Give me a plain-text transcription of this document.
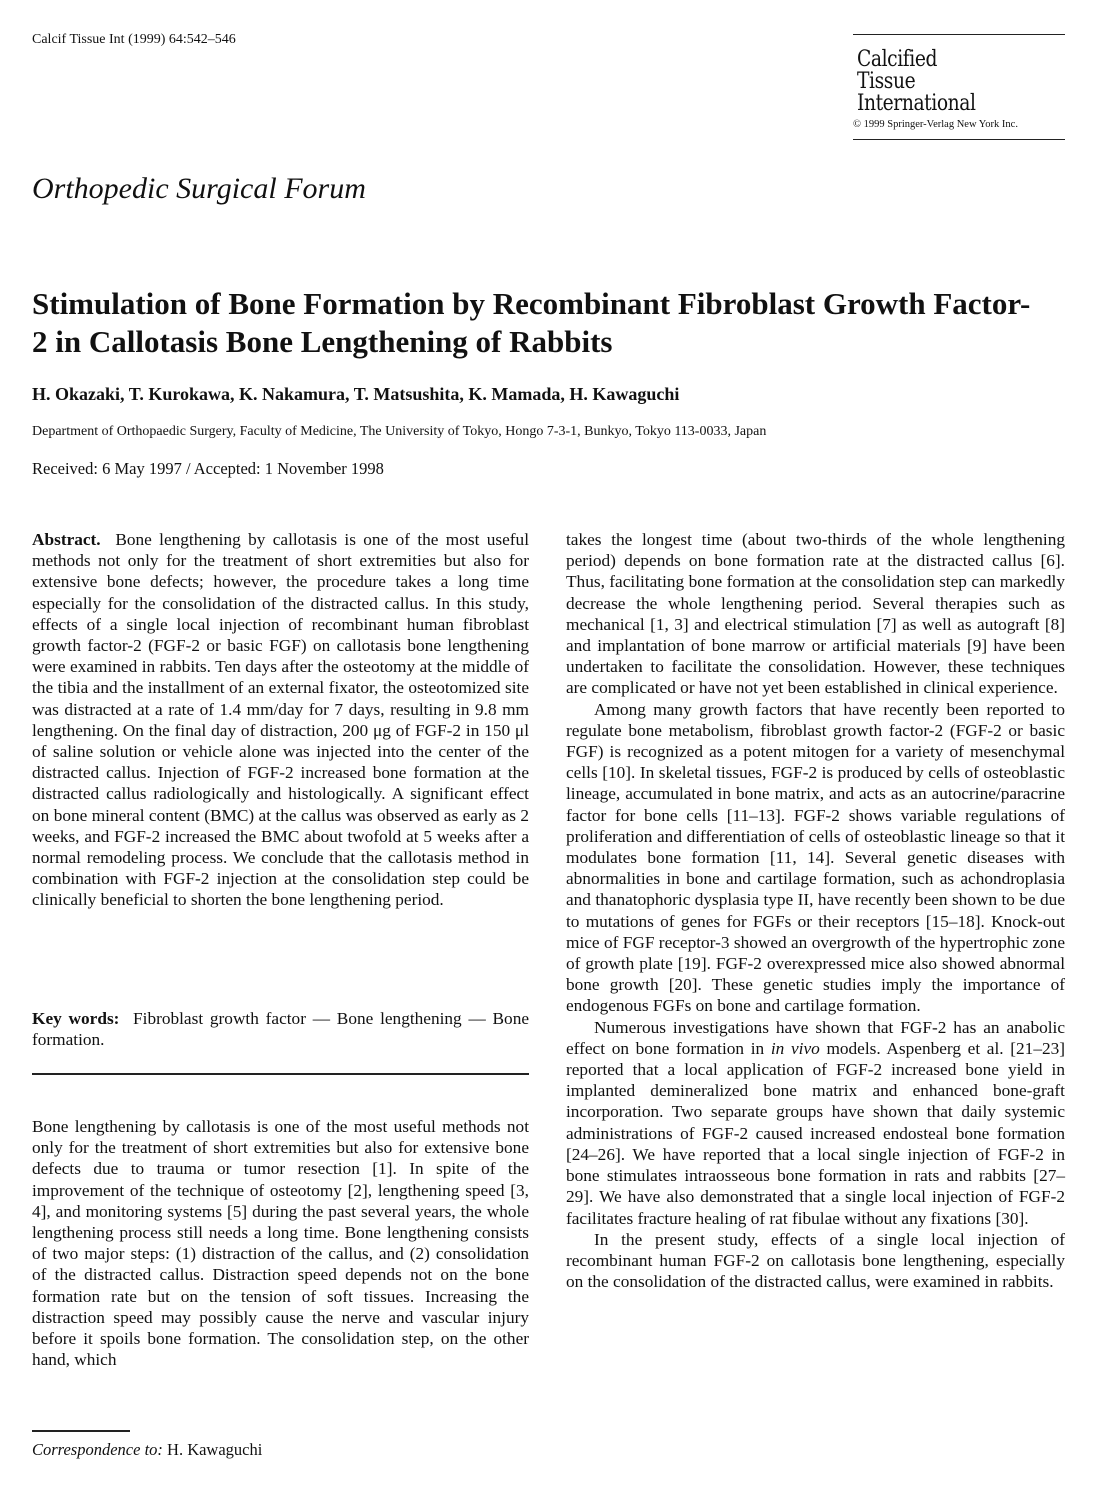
Calcif Tissue Int (1999) 64:542–546
Calcified
Tissue
International
© 1999 Springer-Verlag New York Inc.
Orthopedic Surgical Forum
Stimulation of Bone Formation by Recombinant Fibroblast Growth Factor-2 in Callotasis Bone Lengthening of Rabbits
H. Okazaki, T. Kurokawa, K. Nakamura, T. Matsushita, K. Mamada, H. Kawaguchi
Department of Orthopaedic Surgery, Faculty of Medicine, The University of Tokyo, Hongo 7-3-1, Bunkyo, Tokyo 113-0033, Japan
Received: 6 May 1997 / Accepted: 1 November 1998

Abstract. Bone lengthening by callotasis is one of the most useful methods not only for the treatment of short extremities but also for extensive bone defects; however, the procedure takes a long time especially for the consolidation of the distracted callus. In this study, effects of a single local injection of recombinant human fibroblast growth factor-2 (FGF-2 or basic FGF) on callotasis bone lengthening were examined in rabbits. Ten days after the osteotomy at the middle of the tibia and the installment of an external fixator, the osteotomized site was distracted at a rate of 1.4 mm/day for 7 days, resulting in 9.8 mm lengthening. On the final day of distraction, 200 μg of FGF-2 in 150 μl of saline solution or vehicle alone was injected into the center of the distracted callus. Injection of FGF-2 increased bone formation at the distracted callus radiologically and histologically. A significant effect on bone mineral content (BMC) at the callus was observed as early as 2 weeks, and FGF-2 increased the BMC about twofold at 5 weeks after a normal remodeling process. We conclude that the callotasis method in combination with FGF-2 injection at the consolidation step could be clinically beneficial to shorten the bone lengthening period.

Key words: Fibroblast growth factor — Bone lengthening — Bone formation.

Bone lengthening by callotasis is one of the most useful methods not only for the treatment of short extremities but also for extensive bone defects due to trauma or tumor resection [1]. In spite of the improvement of the technique of osteotomy [2], lengthening speed [3, 4], and monitoring systems [5] during the past several years, the whole lengthening process still needs a long time. Bone lengthening consists of two major steps: (1) distraction of the callus, and (2) consolidation of the distracted callus. Distraction speed depends not on the bone formation rate but on the tension of soft tissues. Increasing the distraction speed may possibly cause the nerve and vascular injury before it spoils bone formation. The consolidation step, on the other hand, which

Correspondence to: H. Kawaguchi

takes the longest time (about two-thirds of the whole lengthening period) depends on bone formation rate at the distracted callus [6]. Thus, facilitating bone formation at the consolidation step can markedly decrease the whole lengthening period. Several therapies such as mechanical [1, 3] and electrical stimulation [7] as well as autograft [8] and implantation of bone marrow or artificial materials [9] have been undertaken to facilitate the consolidation. However, these techniques are complicated or have not yet been established in clinical experience.

Among many growth factors that have recently been reported to regulate bone metabolism, fibroblast growth factor-2 (FGF-2 or basic FGF) is recognized as a potent mitogen for a variety of mesenchymal cells [10]. In skeletal tissues, FGF-2 is produced by cells of osteoblastic lineage, accumulated in bone matrix, and acts as an autocrine/paracrine factor for bone cells [11–13]. FGF-2 shows variable regulations of proliferation and differentiation of cells of osteoblastic lineage so that it modulates bone formation [11, 14]. Several genetic diseases with abnormalities in bone and cartilage formation, such as achondroplasia and thanatophoric dysplasia type II, have recently been shown to be due to mutations of genes for FGFs or their receptors [15–18]. Knock-out mice of FGF receptor-3 showed an overgrowth of the hypertrophic zone of growth plate [19]. FGF-2 overexpressed mice also showed abnormal bone growth [20]. These genetic studies imply the importance of endogenous FGFs on bone and cartilage formation.

Numerous investigations have shown that FGF-2 has an anabolic effect on bone formation in in vivo models. Aspenberg et al. [21–23] reported that a local application of FGF-2 increased bone yield in implanted demineralized bone matrix and enhanced bone-graft incorporation. Two separate groups have shown that daily systemic administrations of FGF-2 caused increased endosteal bone formation [24–26]. We have reported that a local single injection of FGF-2 in bone stimulates intraosseous bone formation in rats and rabbits [27–29]. We have also demonstrated that a single local injection of FGF-2 facilitates fracture healing of rat fibulae without any fixations [30].

In the present study, effects of a single local injection of recombinant human FGF-2 on callotasis bone lengthening, especially on the consolidation of the distracted callus, were examined in rabbits.
